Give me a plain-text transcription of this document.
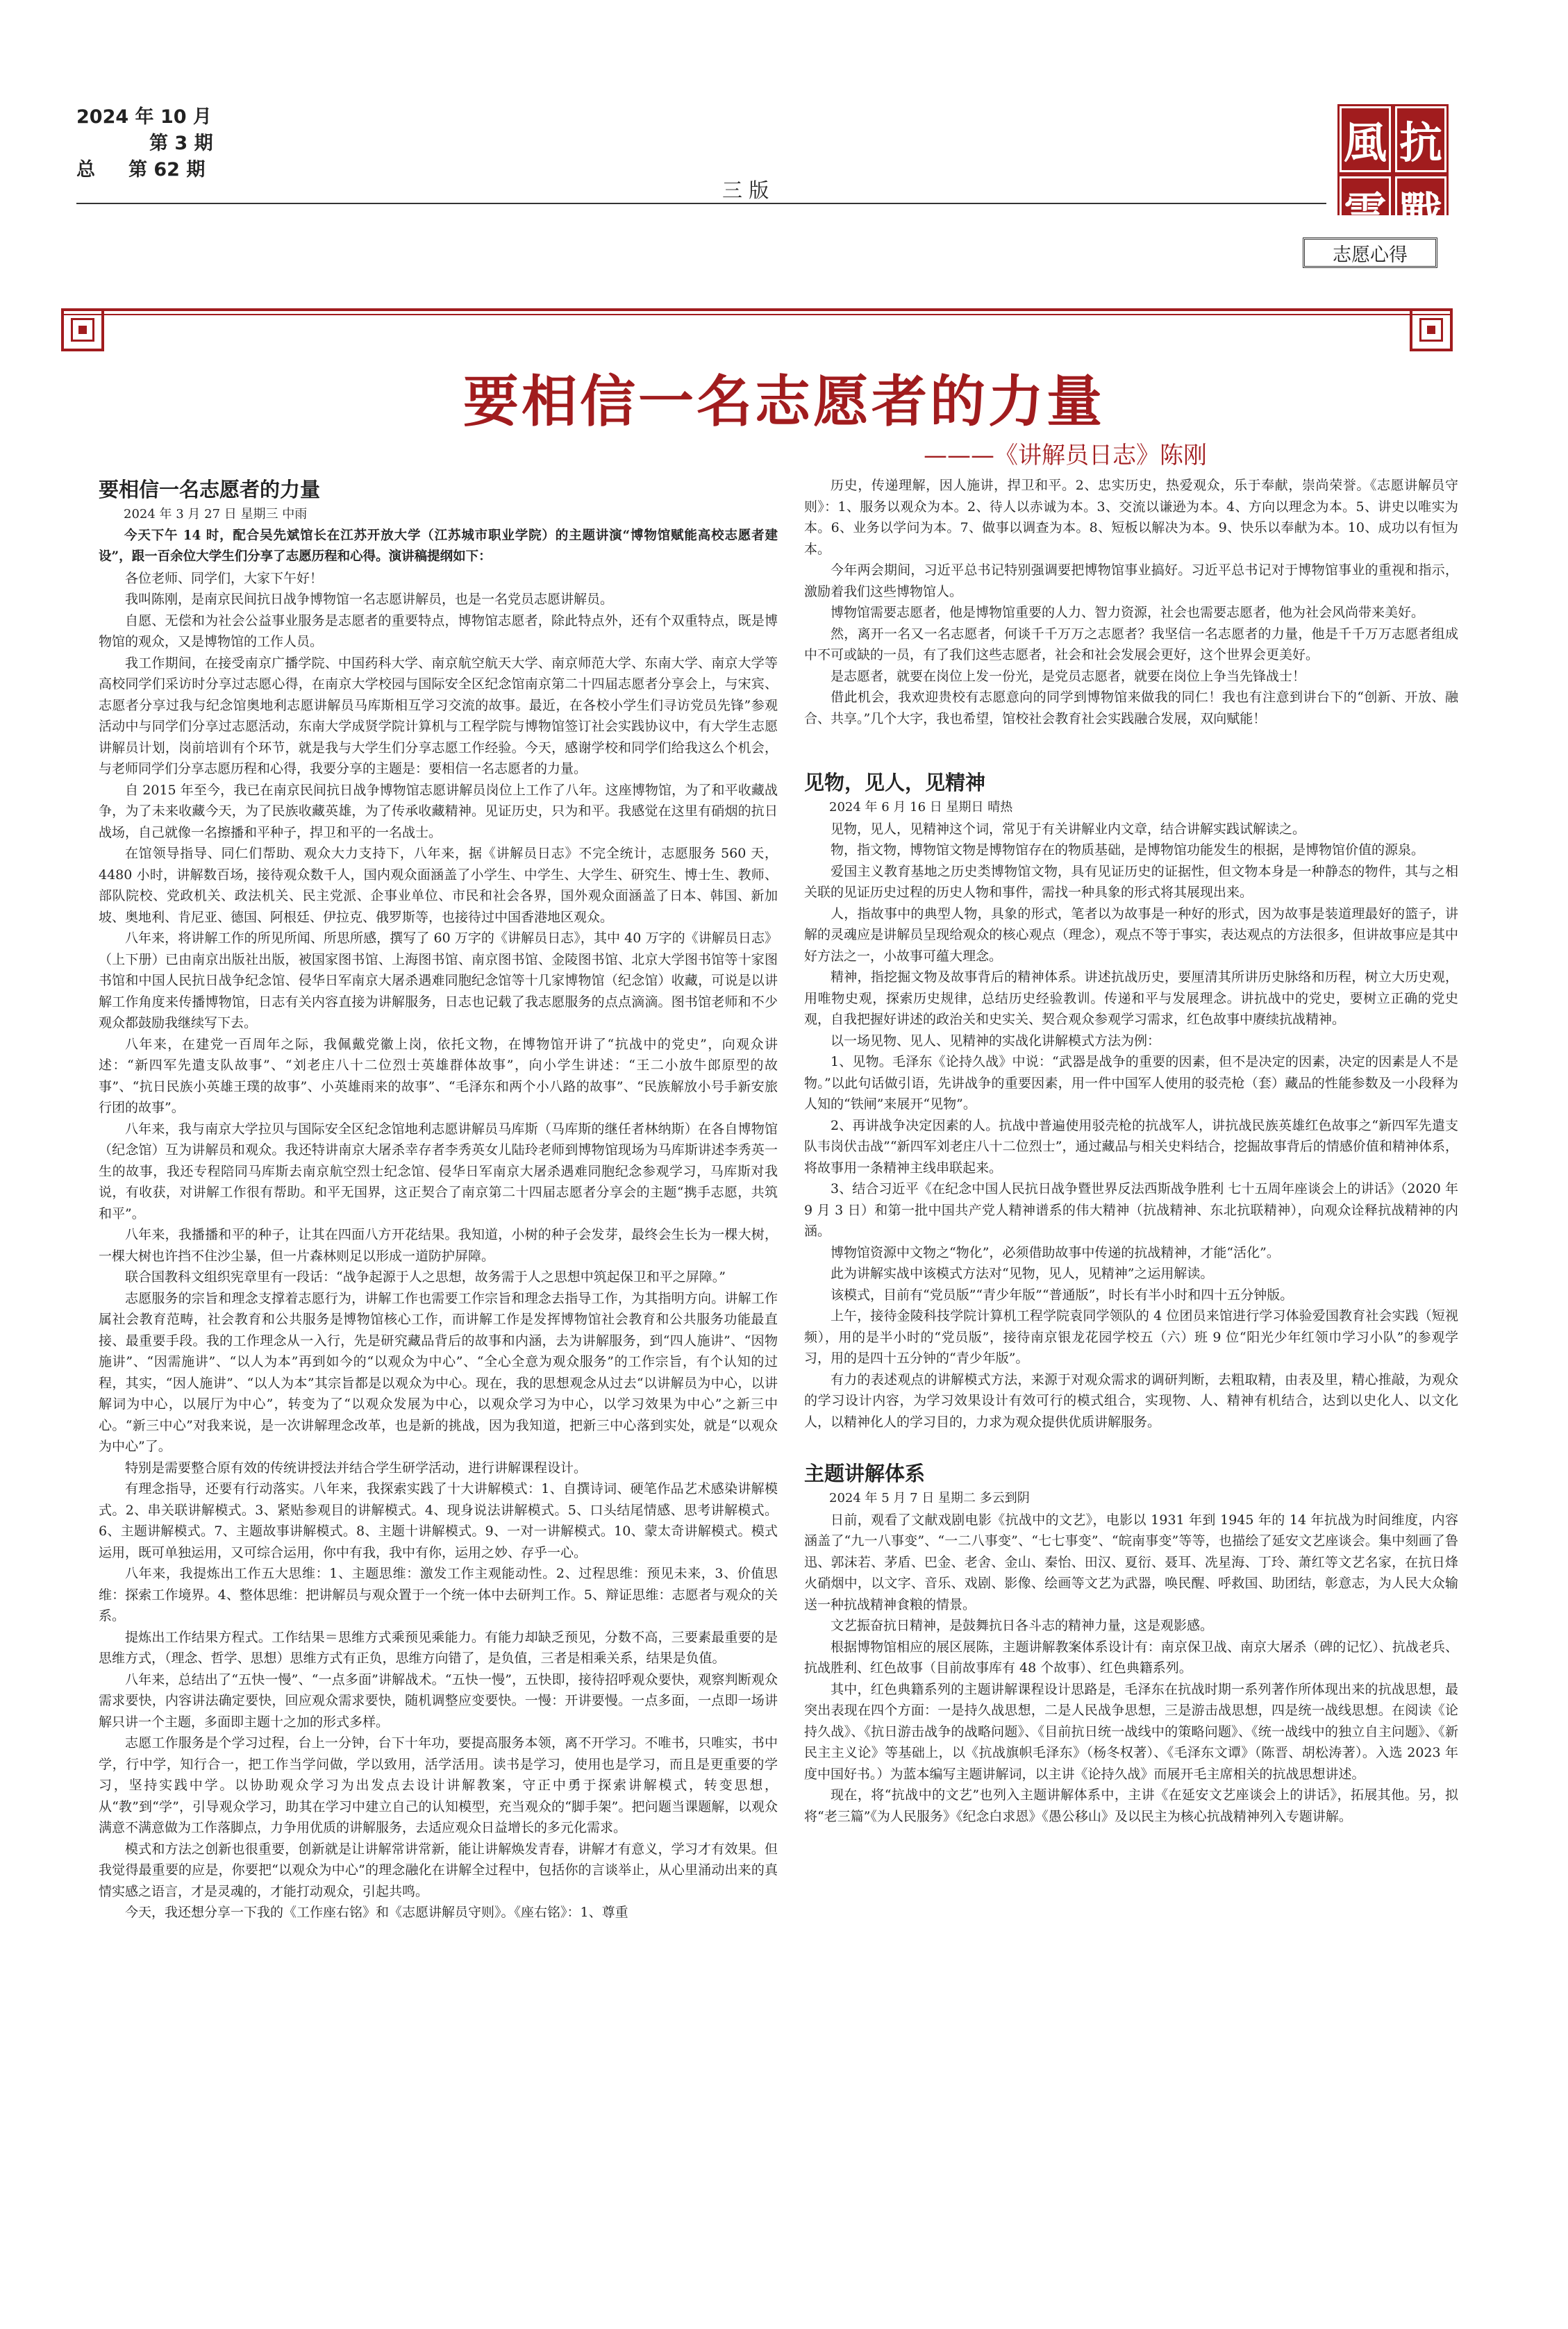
2024 年 10 月
第 3 期
总 第 62 期
三 版
風 抗
雲 戰
志愿心得
要相信一名志愿者的力量
———《讲解员日志》陈刚
要相信一名志愿者的力量
2024 年 3 月 27 日 星期三 中雨

今天下午 14 时，配合吴先斌馆长在江苏开放大学（江苏城市职业学院）的主题讲演“博物馆赋能高校志愿者建设”，跟一百余位大学生们分享了志愿历程和心得。演讲稿提纲如下：

各位老师、同学们，大家下午好！

我叫陈刚，是南京民间抗日战争博物馆一名志愿讲解员，也是一名党员志愿讲解员。

自愿、无偿和为社会公益事业服务是志愿者的重要特点，博物馆志愿者，除此特点外，还有个双重特点，既是博物馆的观众，又是博物馆的工作人员。

我工作期间，在接受南京广播学院、中国药科大学、南京航空航天大学、南京师范大学、东南大学、南京大学等高校同学们采访时分享过志愿心得，在南京大学校园与国际安全区纪念馆南京第二十四届志愿者分享会上，与宋宾、志愿者分享过我与纪念馆奥地利志愿讲解员马库斯相互学习交流的故事。最近，在各校小学生们寻访党员先锋”参观活动中与同学们分享过志愿活动，东南大学成贤学院计算机与工程学院与博物馆签订社会实践协议中，有大学生志愿讲解员计划，岗前培训有个环节，就是我与大学生们分享志愿工作经验。今天，感谢学校和同学们给我这么个机会，与老师同学们分享志愿历程和心得，我要分享的主题是：要相信一名志愿者的力量。

自 2015 年至今，我已在南京民间抗日战争博物馆志愿讲解员岗位上工作了八年。这座博物馆，为了和平收藏战争，为了未来收藏今天，为了民族收藏英雄，为了传承收藏精神。见证历史，只为和平。我感觉在这里有硝烟的抗日战场，自己就像一名擦播和平种子，捍卫和平的一名战士。

在馆领导指导、同仁们帮助、观众大力支持下，八年来，据《讲解员日志》不完全统计，志愿服务 560 天，4480 小时，讲解数百场，接待观众数千人，国内观众面涵盖了小学生、中学生、大学生、研究生、博士生、教师、部队院校、党政机关、政法机关、民主党派、企事业单位、市民和社会各界，国外观众面涵盖了日本、韩国、新加坡、奥地利、肯尼亚、德国、阿根廷、伊拉克、俄罗斯等，也接待过中国香港地区观众。

八年来，将讲解工作的所见所闻、所思所感，撰写了 60 万字的《讲解员日志》，其中 40 万字的《讲解员日志》（上下册）已由南京出版社出版，被国家图书馆、上海图书馆、南京图书馆、金陵图书馆、北京大学图书馆等十家图书馆和中国人民抗日战争纪念馆、侵华日军南京大屠杀遇难同胞纪念馆等十几家博物馆（纪念馆）收藏，可说是以讲解工作角度来传播博物馆，日志有关内容直接为讲解服务，日志也记载了我志愿服务的点点滴滴。图书馆老师和不少观众都鼓励我继续写下去。

八年来，在建党一百周年之际，我佩戴党徽上岗，依托文物，在博物馆开讲了“抗战中的党史”，向观众讲述：“新四军先遣支队故事”、“刘老庄八十二位烈士英雄群体故事”，向小学生讲述：“王二小放牛郎原型的故事”、“抗日民族小英雄王璞的故事”、小英雄雨来的故事”、“毛泽东和两个小八路的故事”、“民族解放小号手新安旅行团的故事”。

八年来，我与南京大学拉贝与国际安全区纪念馆地利志愿讲解员马库斯（马库斯的继任者林纳斯）在各自博物馆（纪念馆）互为讲解员和观众。我还特讲南京大屠杀幸存者李秀英女儿陆玲老师到博物馆现场为马库斯讲述李秀英一生的故事，我还专程陪同马库斯去南京航空烈士纪念馆、侵华日军南京大屠杀遇难同胞纪念参观学习，马库斯对我说，有收获，对讲解工作很有帮助。和平无国界，这正契合了南京第二十四届志愿者分享会的主题“携手志愿，共筑和平”。

八年来，我播播和平的种子，让其在四面八方开花结果。我知道，小树的种子会发芽，最终会生长为一棵大树，一棵大树也许挡不住沙尘暴，但一片森林则足以形成一道防护屏障。

联合国教科文组织宪章里有一段话：“战争起源于人之思想，故务需于人之思想中筑起保卫和平之屏障。”

志愿服务的宗旨和理念支撑着志愿行为，讲解工作也需要工作宗旨和理念去指导工作，为其指明方向。讲解工作属社会教育范畴，社会教育和公共服务是博物馆核心工作，而讲解工作是发挥博物馆社会教育和公共服务功能最直接、最重要手段。我的工作理念从一入行，先是研究藏品背后的故事和内涵，去为讲解服务，到“四人施讲”、“因物施讲”、“因需施讲”、“以人为本”再到如今的“以观众为中心”、“全心全意为观众服务”的工作宗旨，有个认知的过程，其实，“因人施讲”、“以人为本”其宗旨都是以观众为中心。现在，我的思想观念从过去“以讲解员为中心，以讲解词为中心，以展厅为中心”，转变为了“以观众发展为中心，以观众学习为中心，以学习效果为中心”之新三中心。“新三中心”对我来说，是一次讲解理念改革，也是新的挑战，因为我知道，把新三中心落到实处，就是“以观众为中心”了。

特别是需要整合原有效的传统讲授法并结合学生研学活动，进行讲解课程设计。

有理念指导，还要有行动落实。八年来，我探索实践了十大讲解模式：1、自撰诗词、硬笔作品艺术感染讲解模式。2、串关联讲解模式。3、紧贴参观目的讲解模式。4、现身说法讲解模式。5、口头结尾情感、思考讲解模式。6、主题讲解模式。7、主题故事讲解模式。8、主题十讲解模式。9、一对一讲解模式。10、蒙太奇讲解模式。模式运用，既可单独运用，又可综合运用，你中有我，我中有你，运用之妙、存乎一心。

八年来，我提炼出工作五大思维：1、主题思维：激发工作主观能动性。2、过程思维：预见未来，3、价值思维：探索工作境界。4、整体思维：把讲解员与观众置于一个统一体中去研判工作。5、辩证思维：志愿者与观众的关系。

提炼出工作结果方程式。工作结果＝思维方式乘预见乘能力。有能力却缺乏预见，分数不高，三要素最重要的是思维方式，（理念、哲学、思想）思维方式有正负，思维方向错了，是负值，三者是相乘关系，结果是负值。

八年来，总结出了“五快一慢”、“一点多面”讲解战术。“五快一慢”，五快即，接待招呼观众要快，观察判断观众需求要快，内容讲法确定要快，回应观众需求要快，随机调整应变要快。一慢：开讲要慢。一点多面，一点即一场讲解只讲一个主题，多面即主题十之加的形式多样。

志愿工作服务是个学习过程，台上一分钟，台下十年功，要提高服务本领，离不开学习。不唯书，只唯实，书中学，行中学，知行合一，把工作当学问做，学以致用，活学活用。读书是学习，使用也是学习，而且是更重要的学习，坚持实践中学。以协助观众学习为出发点去设计讲解教案，守正中勇于探索讲解模式，转变思想，从“教”到“学”，引导观众学习，助其在学习中建立自己的认知模型，充当观众的“脚手架”。把问题当课题解，以观众满意不满意做为工作落脚点，力争用优质的讲解服务，去适应观众日益增长的多元化需求。

模式和方法之创新也很重要，创新就是让讲解常讲常新，能让讲解焕发青春，讲解才有意义，学习才有效果。但我觉得最重要的应是，你要把“以观众为中心”的理念融化在讲解全过程中，包括你的言谈举止，从心里涌动出来的真情实感之语言，才是灵魂的，才能打动观众，引起共鸣。

今天，我还想分享一下我的《工作座右铭》和《志愿讲解员守则》。《座右铭》：1、尊重

历史，传递理解，因人施讲，捍卫和平。2、忠实历史，热爱观众，乐于奉献，崇尚荣誉。《志愿讲解员守则》：1、服务以观众为本。2、待人以赤诚为本。3、交流以谦逊为本。4、方向以理念为本。5、讲史以唯实为本。6、业务以学问为本。7、做事以调查为本。8、短板以解决为本。9、快乐以奉献为本。10、成功以有恒为本。

今年两会期间，习近平总书记特别强调要把博物馆事业搞好。习近平总书记对于博物馆事业的重视和指示，激励着我们这些博物馆人。

博物馆需要志愿者，他是博物馆重要的人力、智力资源，社会也需要志愿者，他为社会风尚带来美好。

然，离开一名又一名志愿者，何谈千千万万之志愿者？我坚信一名志愿者的力量，他是千千万万志愿者组成中不可或缺的一员，有了我们这些志愿者，社会和社会发展会更好，这个世界会更美好。

是志愿者，就要在岗位上发一份光，是党员志愿者，就要在岗位上争当先锋战士！

借此机会，我欢迎贵校有志愿意向的同学到博物馆来做我的同仁！我也有注意到讲台下的“创新、开放、融合、共享。”几个大字，我也希望，馆校社会教育社会实践融合发展，双向赋能！

见物，见人，见精神
2024 年 6 月 16 日 星期日 晴热

见物，见人，见精神这个词，常见于有关讲解业内文章，结合讲解实践试解读之。

物，指文物，博物馆文物是博物馆存在的物质基础，是博物馆功能发生的根据，是博物馆价值的源泉。

爱国主义教育基地之历史类博物馆文物，具有见证历史的证据性，但文物本身是一种静态的物件，其与之相关联的见证历史过程的历史人物和事件，需找一种具象的形式将其展现出来。

人，指故事中的典型人物，具象的形式，笔者以为故事是一种好的形式，因为故事是装道理最好的篮子，讲解的灵魂应是讲解员呈现给观众的核心观点（理念），观点不等于事实，表达观点的方法很多，但讲故事应是其中好方法之一，小故事可蕴大理念。

精神，指挖掘文物及故事背后的精神体系。讲述抗战历史，要厘清其所讲历史脉络和历程，树立大历史观，用唯物史观，探索历史规律，总结历史经验教训。传递和平与发展理念。讲抗战中的党史，要树立正确的党史观，自我把握好讲述的政治关和史实关、契合观众参观学习需求，红色故事中赓续抗战精神。

以一场见物、见人、见精神的实战化讲解模式方法为例：

1、见物。毛泽东《论持久战》中说：“武器是战争的重要的因素，但不是决定的因素，决定的因素是人不是物。”以此句话做引语，先讲战争的重要因素，用一件中国军人使用的驳壳枪（套）藏品的性能参数及一小段释为人知的“铁闸”来展开“见物”。

2、再讲战争决定因素的人。抗战中普遍使用驳壳枪的抗战军人，讲抗战民族英雄红色故事之“新四军先遣支队韦岗伏击战”“新四军刘老庄八十二位烈士”，通过藏品与相关史料结合，挖掘故事背后的情感价值和精神体系，将故事用一条精神主线串联起来。

3、结合习近平《在纪念中国人民抗日战争暨世界反法西斯战争胜利 七十五周年座谈会上的讲话》（2020 年 9 月 3 日）和第一批中国共产党人精神谱系的伟大精神（抗战精神、东北抗联精神），向观众诠释抗战精神的内涵。

博物馆资源中文物之“物化”，必须借助故事中传递的抗战精神，才能“活化”。

此为讲解实战中该模式方法对“见物，见人，见精神”之运用解读。

该模式，目前有“党员版”“青少年版”“普通版”，时长有半小时和四十五分钟版。

上午，接待金陵科技学院计算机工程学院袁同学领队的 4 位团员来馆进行学习体验爱国教育社会实践（短视频），用的是半小时的“党员版”，接待南京银龙花园学校五（六）班 9 位“阳光少年红领巾学习小队”的参观学习，用的是四十五分钟的“青少年版”。

有力的表述观点的讲解模式方法，来源于对观众需求的调研判断，去粗取精，由表及里，精心推敲，为观众的学习设计内容，为学习效果设计有效可行的模式组合，实现物、人、精神有机结合，达到以史化人、以文化人，以精神化人的学习目的，力求为观众提供优质讲解服务。

主题讲解体系
2024 年 5 月 7 日 星期二 多云到阴

日前，观看了文献戏剧电影《抗战中的文艺》，电影以 1931 年到 1945 年的 14 年抗战为时间维度，内容涵盖了“九一八事变”、“一二八事变”、“七七事变”、“皖南事变”等等，也描绘了延安文艺座谈会。集中刻画了鲁迅、郭沫若、茅盾、巴金、老舍、金山、秦怡、田汉、夏衍、聂耳、冼星海、丁玲、萧红等文艺名家，在抗日烽火硝烟中，以文字、音乐、戏剧、影像、绘画等文艺为武器，唤民醒、呼救国、助团结，彰意志，为人民大众输送一种抗战精神食粮的情景。

文艺振奋抗日精神，是鼓舞抗日各斗志的精神力量，这是观影感。

根据博物馆相应的展区展陈，主题讲解教案体系设计有：南京保卫战、南京大屠杀（碑的记忆）、抗战老兵、抗战胜利、红色故事（目前故事库有 48 个故事）、红色典籍系列。

其中，红色典籍系列的主题讲解课程设计思路是，毛泽东在抗战时期一系列著作所体现出来的抗战思想，最突出表现在四个方面：一是持久战思想，二是人民战争思想，三是游击战思想，四是统一战线思想。在阅读《论持久战》、《抗日游击战争的战略问题》、《目前抗日统一战线中的策略问题》、《统一战线中的独立自主问题》、《新民主主义论》等基础上，以《抗战旗帜毛泽东》（杨冬权著）、《毛泽东文谭》（陈晋、胡松涛著）。入选 2023 年度中国好书。）为蓝本编写主题讲解词，以主讲《论持久战》而展开毛主席相关的抗战思想讲述。

现在，将“抗战中的文艺”也列入主题讲解体系中，主讲《在延安文艺座谈会上的讲话》，拓展其他。另，拟将“老三篇”《为人民服务》《纪念白求恩》《愚公移山》及以民主为核心抗战精神列入专题讲解。
